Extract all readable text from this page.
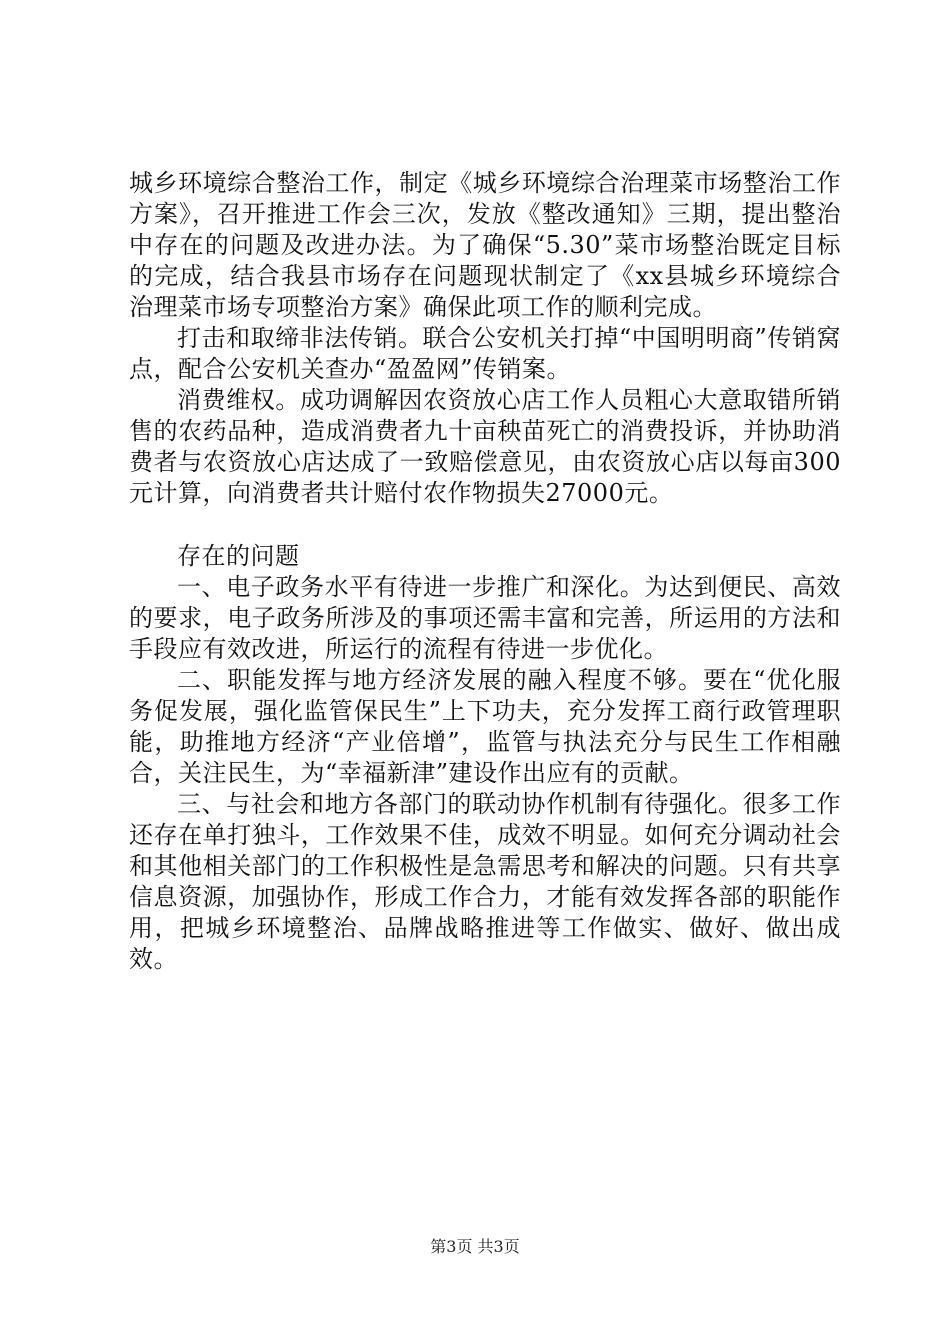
城乡环境综合整治工作，制定《城乡环境综合治理菜市场整治工作方案》，召开推进工作会三次，发放《整改通知》三期，提出整治中存在的问题及改进办法。为了确保“5.30”菜市场整治既定目标的完成，结合我县市场存在问题现状制定了《xx县城乡环境综合治理菜市场专项整治方案》确保此项工作的顺利完成。

打击和取缔非法传销。联合公安机关打掉“中国明明商”传销窝点，配合公安机关查办“盈盈网”传销案。

消费维权。成功调解因农资放心店工作人员粗心大意取错所销售的农药品种，造成消费者九十亩秧苗死亡的消费投诉，并协助消费者与农资放心店达成了一致赔偿意见，由农资放心店以每亩300元计算，向消费者共计赔付农作物损失27000元。

存在的问题

一、电子政务水平有待进一步推广和深化。为达到便民、高效的要求，电子政务所涉及的事项还需丰富和完善，所运用的方法和手段应有效改进，所运行的流程有待进一步优化。

二、职能发挥与地方经济发展的融入程度不够。要在“优化服务促发展，强化监管保民生”上下功夫，充分发挥工商行政管理职能，助推地方经济“产业倍增”，监管与执法充分与民生工作相融合，关注民生，为“幸福新津”建设作出应有的贡献。

三、与社会和地方各部门的联动协作机制有待强化。很多工作还存在单打独斗，工作效果不佳，成效不明显。如何充分调动社会和其他相关部门的工作积极性是急需思考和解决的问题。只有共享信息资源，加强协作，形成工作合力，才能有效发挥各部的职能作用，把城乡环境整治、品牌战略推进等工作做实、做好、做出成效。

第3页 共3页
